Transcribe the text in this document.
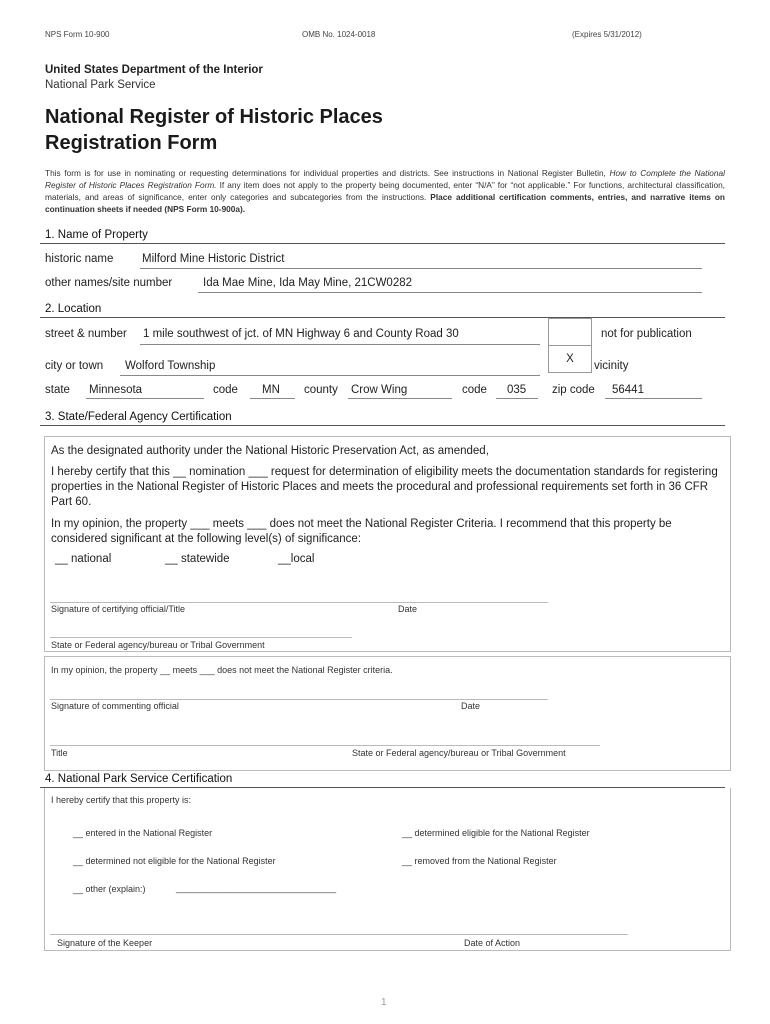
NPS Form 10-900	OMB No. 1024-0018	(Expires 5/31/2012)
United States Department of the Interior
National Park Service
National Register of Historic Places
Registration Form
This form is for use in nominating or requesting determinations for individual properties and districts. See instructions in National Register Bulletin, How to Complete the National Register of Historic Places Registration Form. If any item does not apply to the property being documented, enter “N/A” for “not applicable.” For functions, architectural classification, materials, and areas of significance, enter only categories and subcategories from the instructions. Place additional certification comments, entries, and narrative items on continuation sheets if needed (NPS Form 10-900a).
1. Name of Property
historic name Milford Mine Historic District
other names/site number	Ida Mae Mine, Ida May Mine, 21CW0282
2. Location
street & number 1 mile southwest of jct. of MN Highway 6 and County Road 30	not for publication
city or town Wolford Township
X
vicinity
state Minnesota	code MN county Crow Wing	code 035 zip code 56441
3. State/Federal Agency Certification
As the designated authority under the National Historic Preservation Act, as amended,
I hereby certify that this __ nomination ___ request for determination of eligibility meets the documentation standards for registering properties in the National Register of Historic Places and meets the procedural and professional requirements set forth in 36 CFR Part 60.
In my opinion, the property ___ meets ___ does not meet the National Register Criteria. I recommend that this property be considered significant at the following level(s) of significance:
__ national	__ statewide	__local
Signature of certifying official/Title	Date
State or Federal agency/bureau or Tribal Government
In my opinion, the property __ meets ___ does not meet the National Register criteria.
Signature of commenting official	Date
Title	State or Federal agency/bureau or Tribal Government
4. National Park Service Certification
I hereby certify that this property is:
__ entered in the National Register	__ determined eligible for the National Register
__ determined not eligible for the National Register	__ removed from the National Register
__ other (explain:)	________________________________
Signature of the Keeper	Date of Action
1
